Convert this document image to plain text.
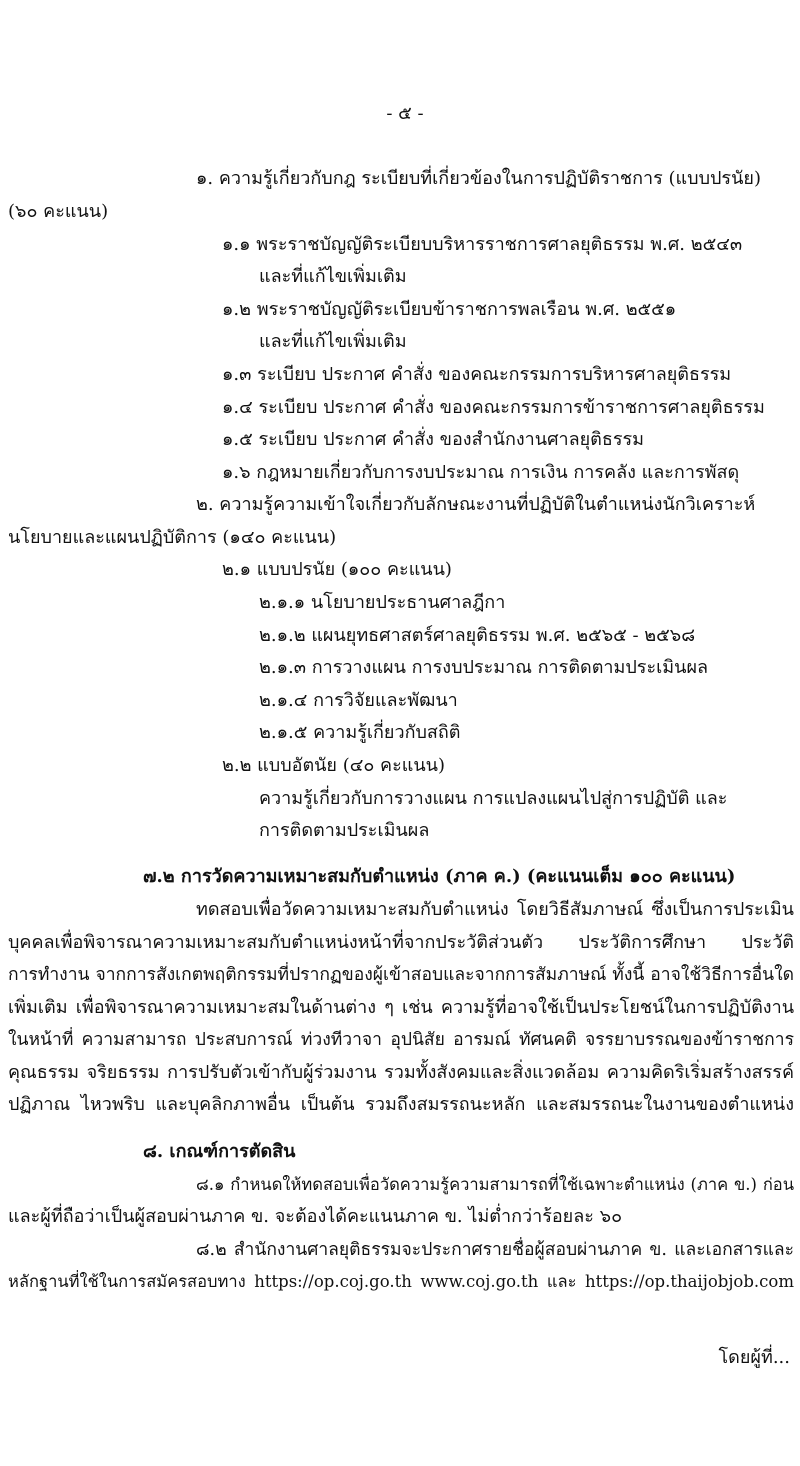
- ๕ -
๑. ความรู้เกี่ยวกับกฎ ระเบียบที่เกี่ยวข้องในการปฏิบัติราชการ (แบบปรนัย)
(๖๐ คะแนน)
๑.๑ พระราชบัญญัติระเบียบบริหารราชการศาลยุติธรรม พ.ศ. ๒๕๔๓
และที่แก้ไขเพิ่มเติม
๑.๒ พระราชบัญญัติระเบียบข้าราชการพลเรือน พ.ศ. ๒๕๕๑
และที่แก้ไขเพิ่มเติม
๑.๓ ระเบียบ ประกาศ คำสั่ง ของคณะกรรมการบริหารศาลยุติธรรม
๑.๔ ระเบียบ ประกาศ คำสั่ง ของคณะกรรมการข้าราชการศาลยุติธรรม
๑.๕ ระเบียบ ประกาศ คำสั่ง ของสำนักงานศาลยุติธรรม
๑.๖ กฎหมายเกี่ยวกับการงบประมาณ การเงิน การคลัง และการพัสดุ
๒. ความรู้ความเข้าใจเกี่ยวกับลักษณะงานที่ปฏิบัติในตำแหน่งนักวิเคราะห์
นโยบายและแผนปฏิบัติการ (๑๔๐ คะแนน)
๒.๑ แบบปรนัย (๑๐๐ คะแนน)
๒.๑.๑ นโยบายประธานศาลฎีกา
๒.๑.๒ แผนยุทธศาสตร์ศาลยุติธรรม พ.ศ. ๒๕๖๕ - ๒๕๖๘
๒.๑.๓ การวางแผน การงบประมาณ การติดตามประเมินผล
๒.๑.๔ การวิจัยและพัฒนา
๒.๑.๕ ความรู้เกี่ยวกับสถิติ
๒.๒ แบบอัตนัย (๔๐ คะแนน)
ความรู้เกี่ยวกับการวางแผน การแปลงแผนไปสู่การปฏิบัติ และ
การติดตามประเมินผล
๗.๒ การวัดความเหมาะสมกับตำแหน่ง (ภาค ค.) (คะแนนเต็ม ๑๐๐ คะแนน)
ทดสอบเพื่อวัดความเหมาะสมกับตำแหน่ง โดยวิธีสัมภาษณ์ ซึ่งเป็นการประเมิน
บุคคลเพื่อพิจารณาความเหมาะสมกับตำแหน่งหน้าที่จากประวัติส่วนตัว ประวัติการศึกษา ประวัติ
การทำงาน จากการสังเกตพฤติกรรมที่ปรากฏของผู้เข้าสอบและจากการสัมภาษณ์ ทั้งนี้ อาจใช้วิธีการอื่นใด
เพิ่มเติม เพื่อพิจารณาความเหมาะสมในด้านต่าง ๆ เช่น ความรู้ที่อาจใช้เป็นประโยชน์ในการปฏิบัติงาน
ในหน้าที่ ความสามารถ ประสบการณ์ ท่วงทีวาจา อุปนิสัย อารมณ์ ทัศนคติ จรรยาบรรณของข้าราชการ
คุณธรรม จริยธรรม การปรับตัวเข้ากับผู้ร่วมงาน รวมทั้งสังคมและสิ่งแวดล้อม ความคิดริเริ่มสร้างสรรค์
ปฏิภาณ ไหวพริบ และบุคลิกภาพอื่น เป็นต้น รวมถึงสมรรถนะหลัก และสมรรถนะในงานของตำแหน่ง
๘. เกณฑ์การตัดสิน
๘.๑ กำหนดให้ทดสอบเพื่อวัดความรู้ความสามารถที่ใช้เฉพาะตำแหน่ง (ภาค ข.) ก่อน
และผู้ที่ถือว่าเป็นผู้สอบผ่านภาค ข. จะต้องได้คะแนนภาค ข. ไม่ต่ำกว่าร้อยละ ๖๐
๘.๒ สำนักงานศาลยุติธรรมจะประกาศรายชื่อผู้สอบผ่านภาค ข. และเอกสารและ
หลักฐานที่ใช้ในการสมัครสอบทาง https://op.coj.go.th www.coj.go.th และ https://op.thaijobjob.com
โดยผู้ที่...
